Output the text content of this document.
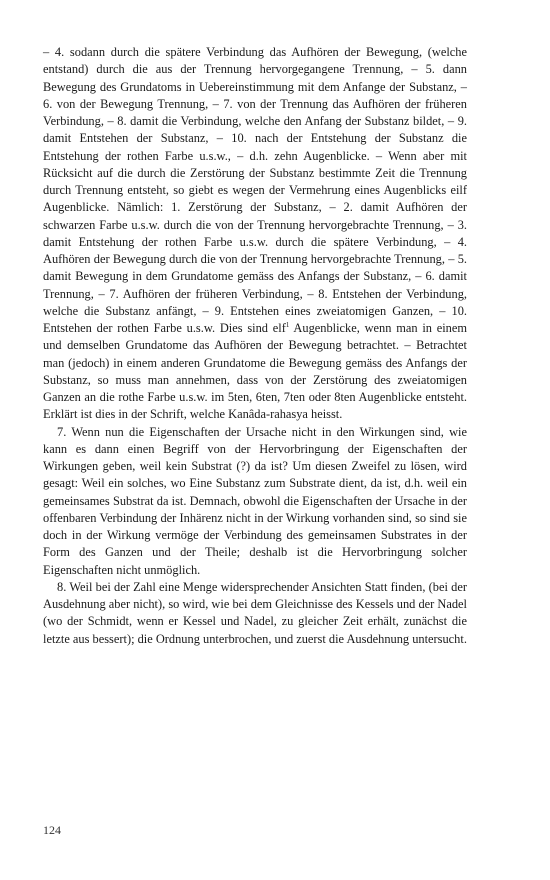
– 4. sodann durch die spätere Verbindung das Aufhören der Bewegung, (welche entstand) durch die aus der Trennung hervorgegangene Trennung, – 5. dann Bewegung des Grundatoms in Uebereinstimmung mit dem Anfange der Substanz, – 6. von der Bewegung Trennung, – 7. von der Trennung das Aufhören der früheren Verbindung, – 8. damit die Verbindung, welche den Anfang der Substanz bildet, – 9. damit Entstehen der Substanz, – 10. nach der Entstehung der Substanz die Entstehung der rothen Farbe u.s.w., – d.h. zehn Augenblicke. – Wenn aber mit Rücksicht auf die durch die Zerstörung der Substanz bestimmte Zeit die Trennung durch Trennung entsteht, so giebt es wegen der Vermehrung eines Augenblicks eilf Augenblicke. Nämlich: 1. Zerstörung der Substanz, – 2. damit Aufhören der schwarzen Farbe u.s.w. durch die von der Trennung hervorgebrachte Trennung, – 3. damit Entstehung der rothen Farbe u.s.w. durch die spätere Verbindung, – 4. Aufhören der Bewegung durch die von der Trennung hervorgebrachte Trennung, – 5. damit Bewegung in dem Grundatome gemäss des Anfangs der Substanz, – 6. damit Trennung, – 7. Aufhören der früheren Verbindung, – 8. Entstehen der Verbindung, welche die Substanz anfängt, – 9. Entstehen eines zweiatomigen Ganzen, – 10. Entstehen der rothen Farbe u.s.w. Dies sind elf$^1$ Augenblicke, wenn man in einem und demselben Grundatome das Aufhören der Bewegung betrachtet. – Betrachtet man (jedoch) in einem anderen Grundatome die Bewegung gemäss des Anfangs der Substanz, so muss man annehmen, dass von der Zerstörung des zweiatomigen Ganzen an die rothe Farbe u.s.w. im 5ten, 6ten, 7ten oder 8ten Augenblicke entsteht. Erklärt ist dies in der Schrift, welche Kanâda-rahasya heisst.

7. Wenn nun die Eigenschaften der Ursache nicht in den Wirkungen sind, wie kann es dann einen Begriff von der Hervorbringung der Eigenschaften der Wirkungen geben, weil kein Substrat (?) da ist? Um diesen Zweifel zu lösen, wird gesagt: Weil ein solches, wo Eine Substanz zum Substrate dient, da ist, d.h. weil ein gemeinsames Substrat da ist. Demnach, obwohl die Eigenschaften der Ursache in der offenbaren Verbindung der Inhärenz nicht in der Wirkung vorhanden sind, so sind sie doch in der Wirkung vermöge der Verbindung des gemeinsamen Substrates in der Form des Ganzen und der Theile; deshalb ist die Hervorbringung solcher Eigenschaften nicht unmöglich.

8. Weil bei der Zahl eine Menge widersprechender Ansichten Statt finden, (bei der Ausdehnung aber nicht), so wird, wie bei dem Gleichnisse des Kessels und der Nadel (wo der Schmidt, wenn er Kessel und Nadel, zu gleicher Zeit erhält, zunächst die letzte aus bessert); die Ordnung unterbrochen, und zuerst die Ausdehnung untersucht.

124
